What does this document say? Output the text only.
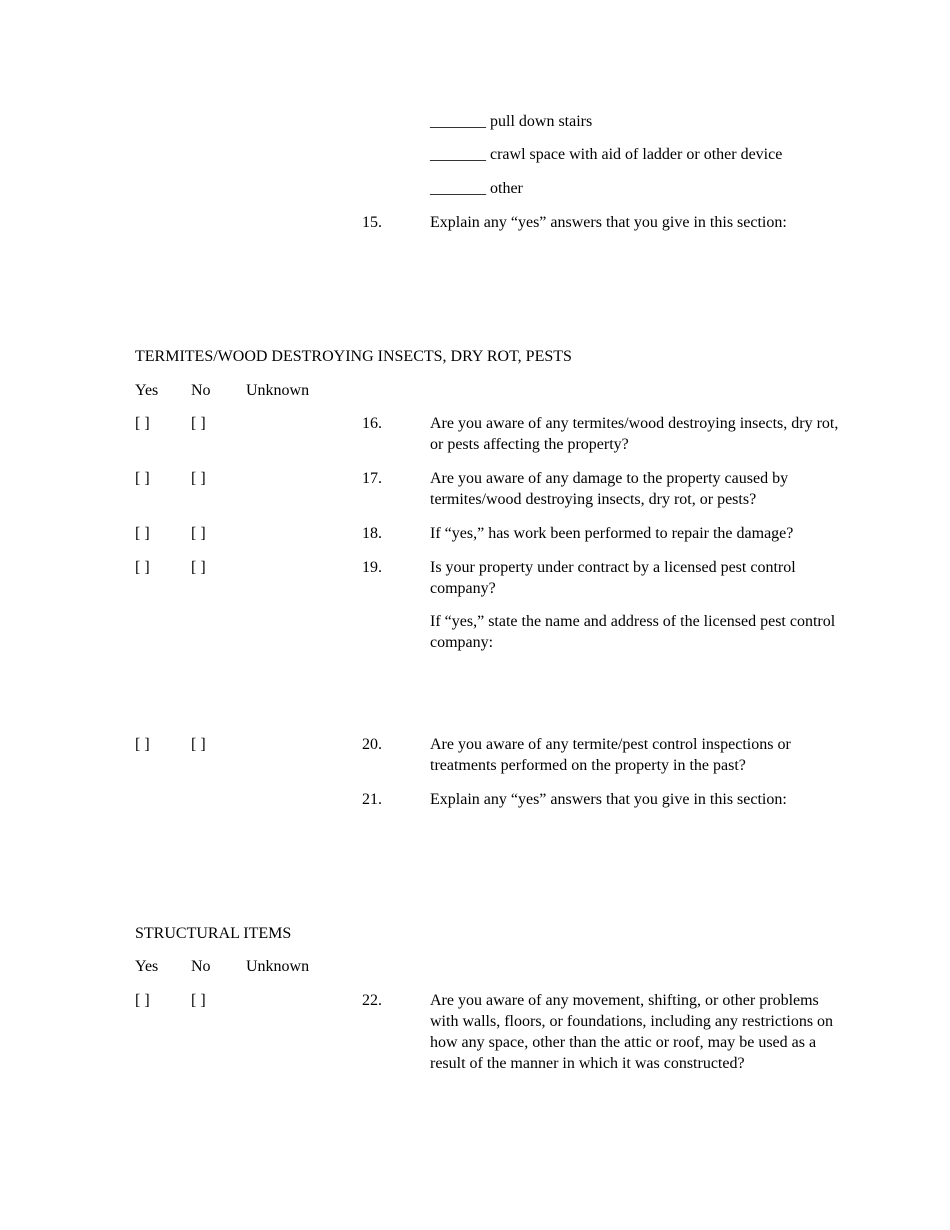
_______ pull down stairs
_______ crawl space with aid of ladder or other device
_______ other
15.	Explain any “yes” answers that you give in this section:
TERMITES/WOOD DESTROYING INSECTS, DRY ROT, PESTS
Yes No Unknown
[ ]	[ ]	16.	Are you aware of any termites/wood destroying insects, dry rot, or pests affecting the property?
[ ]	[ ]	17.	Are you aware of any damage to the property caused by termites/wood destroying insects, dry rot, or pests?
[ ]	[ ]	18.	If “yes,” has work been performed to repair the damage?
[ ]	[ ]	19.	Is your property under contract by a licensed pest control company?
If “yes,” state the name and address of the licensed pest control company:
[ ]	[ ]	20.	Are you aware of any termite/pest control inspections or treatments performed on the property in the past?
21.	Explain any “yes” answers that you give in this section:
STRUCTURAL ITEMS
Yes No Unknown
[ ]	[ ]	22.	Are you aware of any movement, shifting, or other problems with walls, floors, or foundations, including any restrictions on how any space, other than the attic or roof, may be used as a result of the manner in which it was constructed?
